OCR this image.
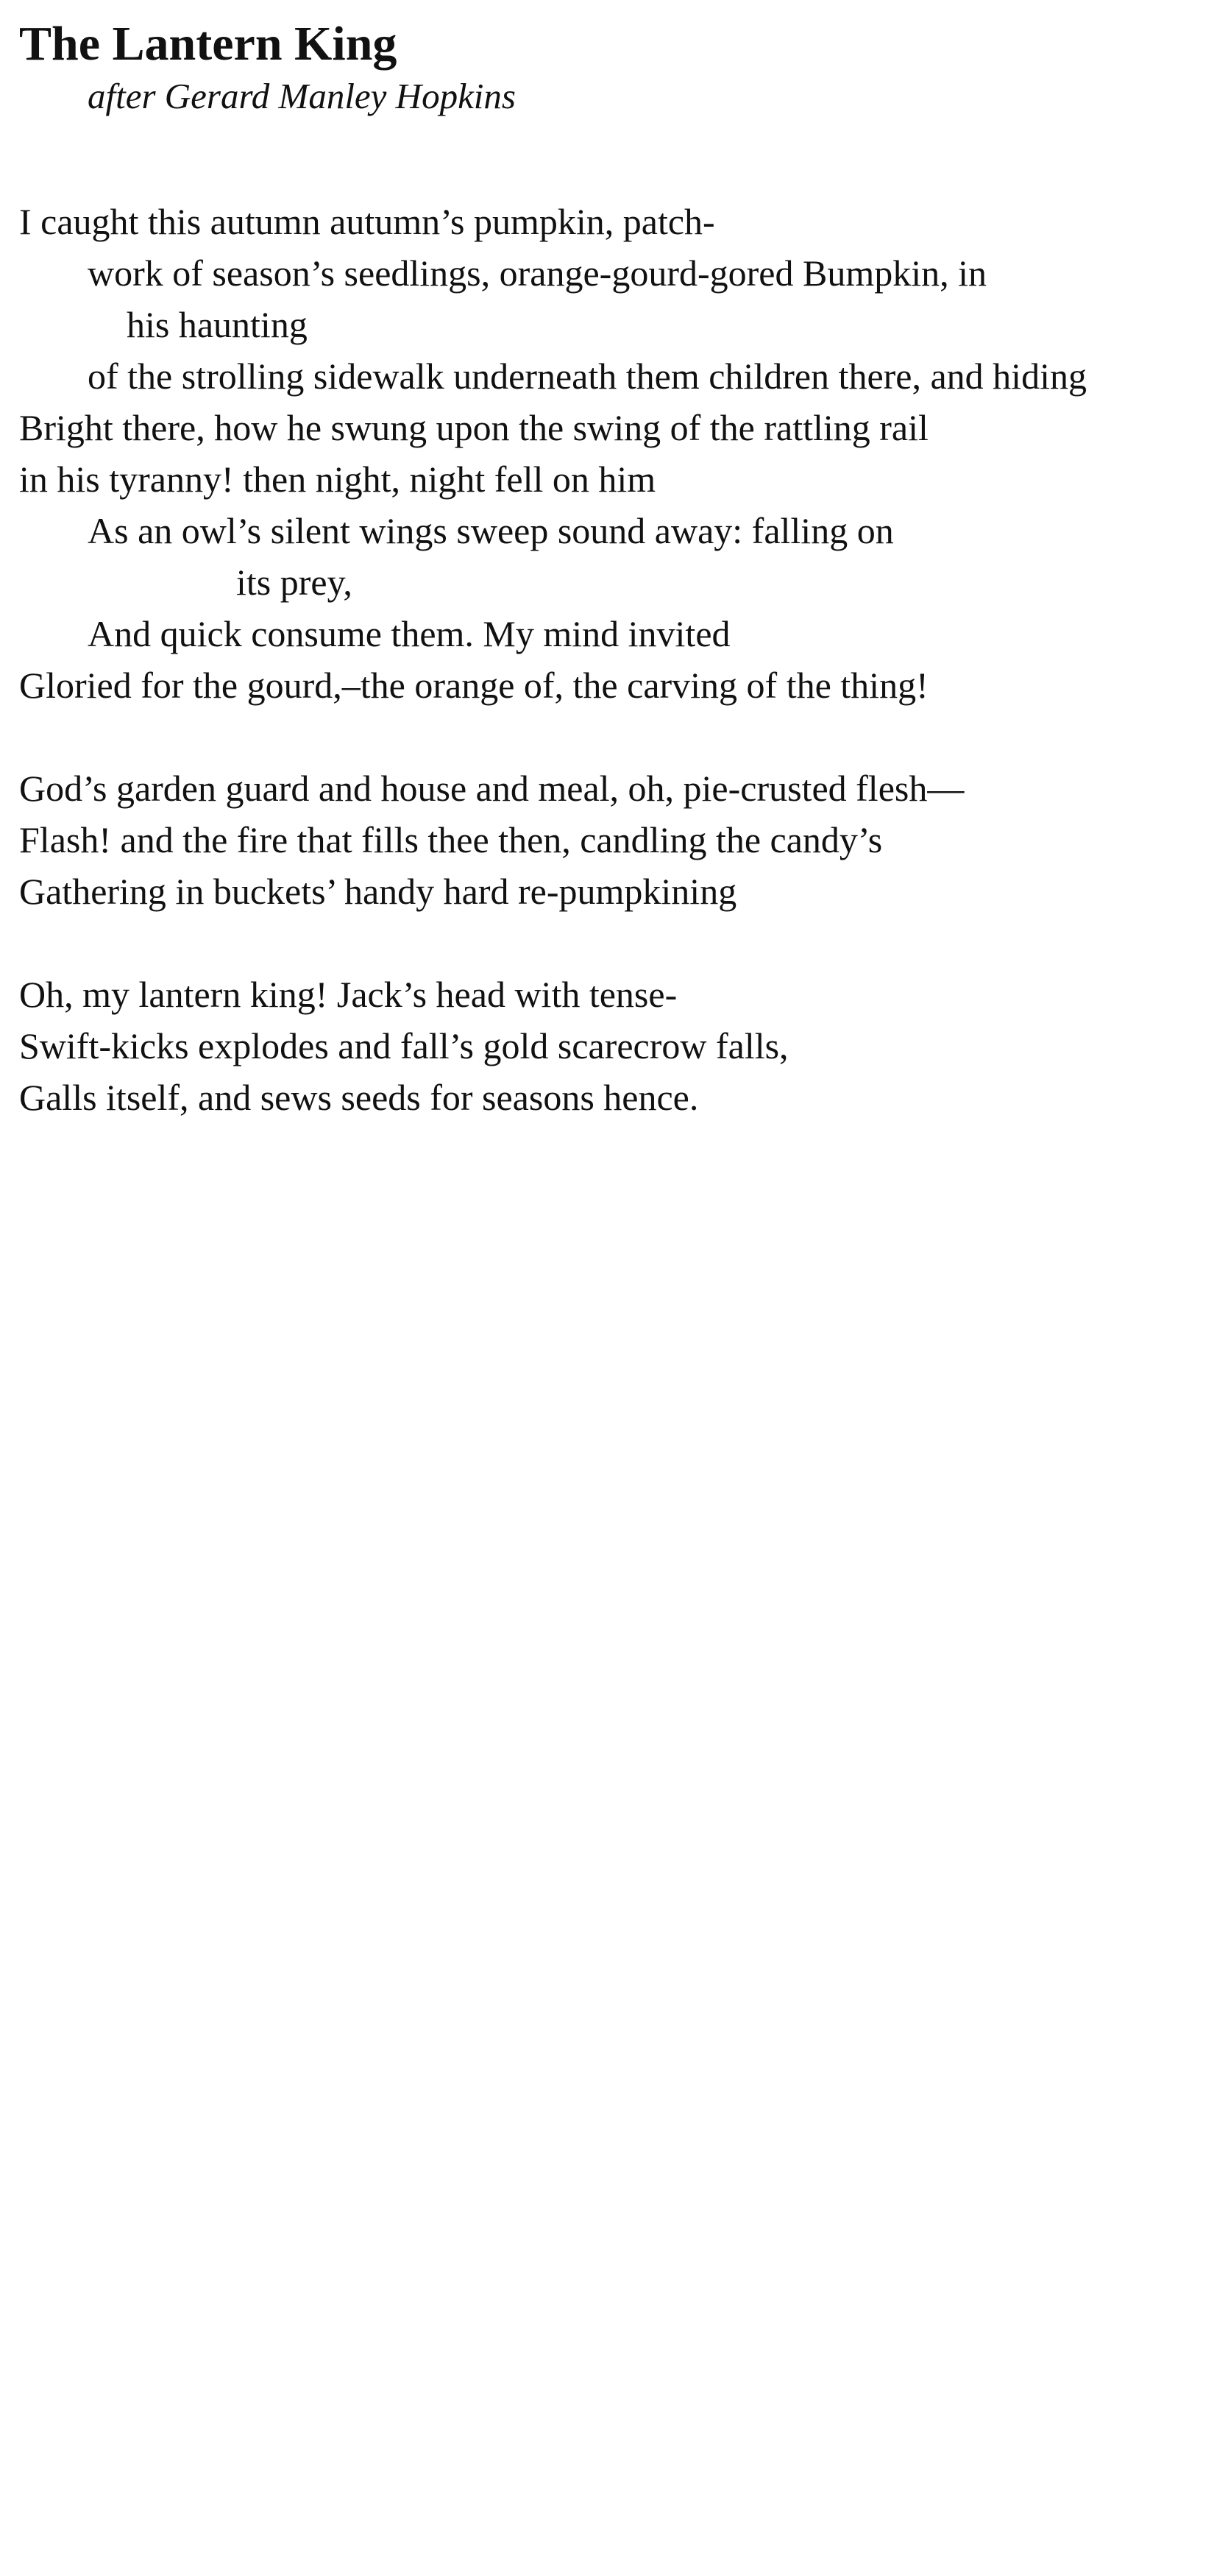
The Lantern King

after Gerard Manley Hopkins

I caught this autumn autumn’s pumpkin, patch-
work of season’s seedlings, orange-gourd-gored Bumpkin, in
his haunting
of the strolling sidewalk underneath them children there, and hiding
Bright there, how he swung upon the swing of the rattling rail
in his tyranny! then night, night fell on him
As an owl’s silent wings sweep sound away: falling on
its prey,
And quick consume them. My mind invited
Gloried for the gourd,–the orange of, the carving of the thing!
God’s garden guard and house and meal, oh, pie-crusted flesh—
Flash! and the fire that fills thee then, candling the candy’s
Gathering in buckets’ handy hard re-pumpkining
Oh, my lantern king! Jack’s head with tense-
Swift-kicks explodes and fall’s gold scarecrow falls,
Galls itself, and sews seeds for seasons hence.
